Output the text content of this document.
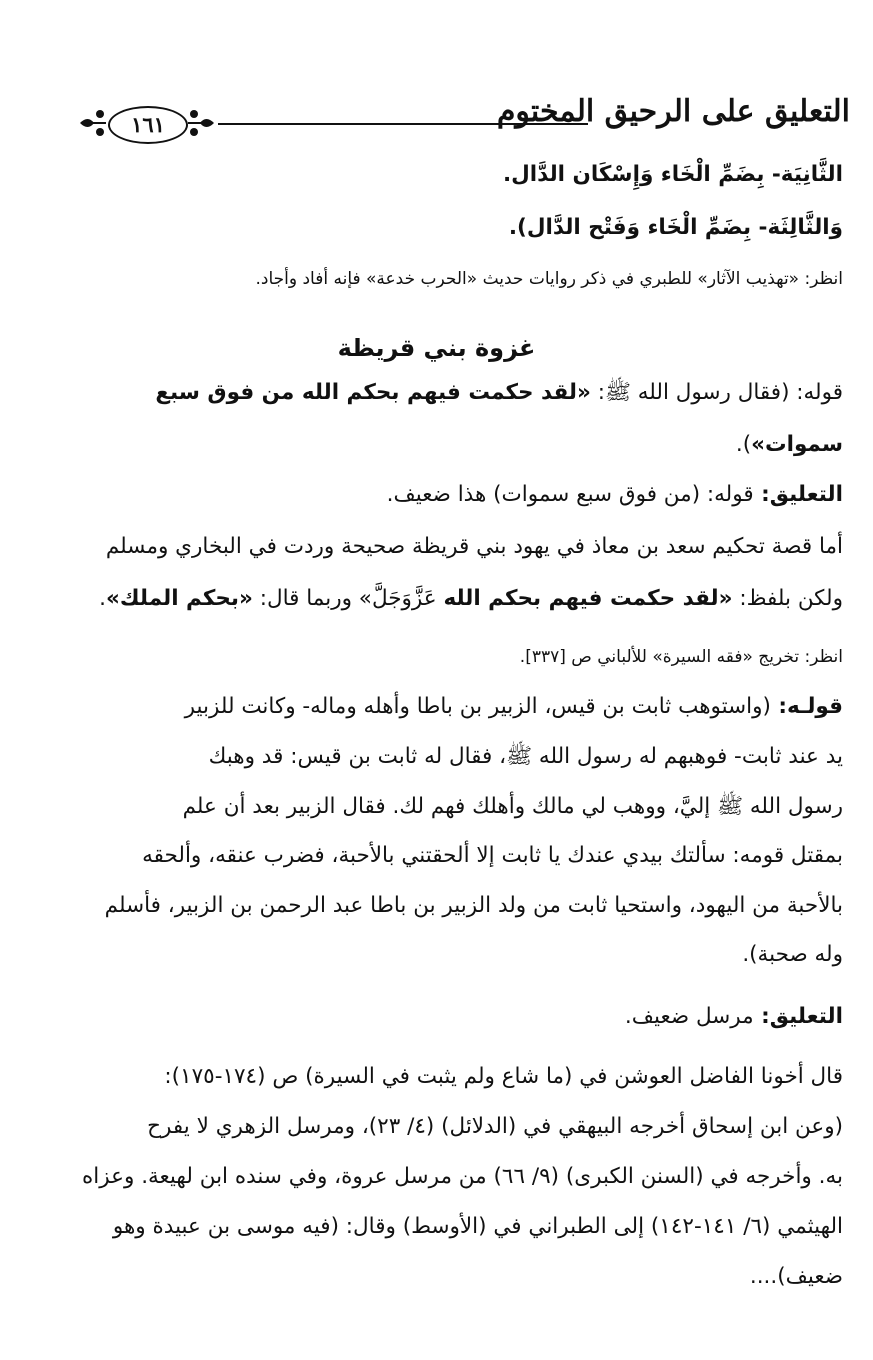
١٦١	التعليق على الرحيق المختوم
الثَّانِيَة- بِضَمِّ الْخَاء وَإِسْكَان الدَّال.
وَالثَّالِثَة- بِضَمِّ الْخَاء وَفَتْح الدَّال).
انظر: «تهذيب الآثار» للطبري في ذكر روايات حديث «الحرب خدعة» فإنه أفاد وأجاد.
غزوة بني قريظة
قوله: (فقال رسول الله ﷺ: «لقد حكمت فيهم بحكم الله من فوق سبع
سموات»).
التعليق: قوله: (من فوق سبع سموات) هذا ضعيف.
أما قصة تحكيم سعد بن معاذ في يهود بني قريظة صحيحة وردت في البخاري ومسلم
ولكن بلفظ: «لقد حكمت فيهم بحكم الله عَزَّوَجَلَّ» وربما قال: «بحكم الملك».
انظر: تخريج «فقه السيرة» للألباني ص [٣٣٧].
قولـه: (واستوهب ثابت بن قيس، الزبير بن باطا وأهله وماله- وكانت للزبير
يد عند ثابت- فوهبهم له رسول الله ﷺ، فقال له ثابت بن قيس: قد وهبك
رسول الله ﷺ إليَّ، ووهب لي مالك وأهلك فهم لك. فقال الزبير بعد أن علم
بمقتل قومه: سألتك بيدي عندك يا ثابت إلا ألحقتني بالأحبة، فضرب عنقه، وألحقه
بالأحبة من اليهود، واستحيا ثابت من ولد الزبير بن باطا عبد الرحمن بن الزبير، فأسلم
وله صحبة).
التعليق: مرسل ضعيف.
قال أخونا الفاضل العوشن في (ما شاع ولم يثبت في السيرة) ص (١٧٤-١٧٥):
(وعن ابن إسحاق أخرجه البيهقي في (الدلائل) (٤/ ٢٣)، ومرسل الزهري لا يفرح
به. وأخرجه في (السنن الكبرى) (٩/ ٦٦) من مرسل عروة، وفي سنده ابن لهيعة. وعزاه
الهيثمي (٦/ ١٤١-١٤٢) إلى الطبراني في (الأوسط) وقال: (فيه موسى بن عبيدة وهو
ضعيف)....
